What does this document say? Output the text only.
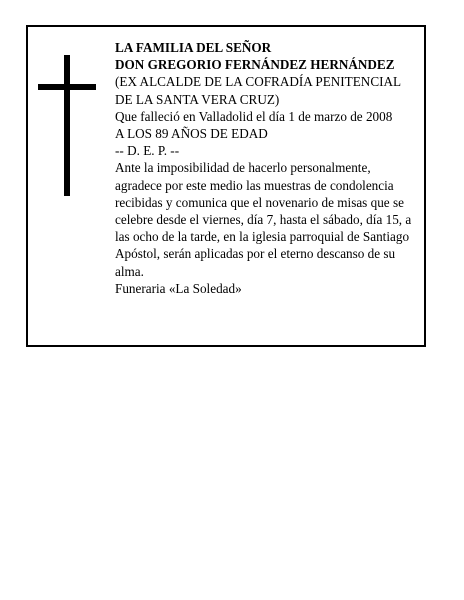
LA FAMILIA DEL SEÑOR
DON GREGORIO FERNÁNDEZ HERNÁNDEZ
(EX ALCALDE DE LA COFRADÍA PENITENCIAL
DE LA SANTA VERA CRUZ)
Que falleció en Valladolid el día 1 de marzo de 2008
A LOS 89 AÑOS DE EDAD
-- D. E. P. --
Ante la imposibilidad de hacerlo personalmente,
agradece por este medio las muestras de condolencia
recibidas y comunica que el novenario de misas que se
celebre desde el viernes, día 7, hasta el sábado, día 15, a
las ocho de la tarde, en la iglesia parroquial de Santiago
Apóstol, serán aplicadas por el eterno descanso de su
alma.
Funeraria «La Soledad»
